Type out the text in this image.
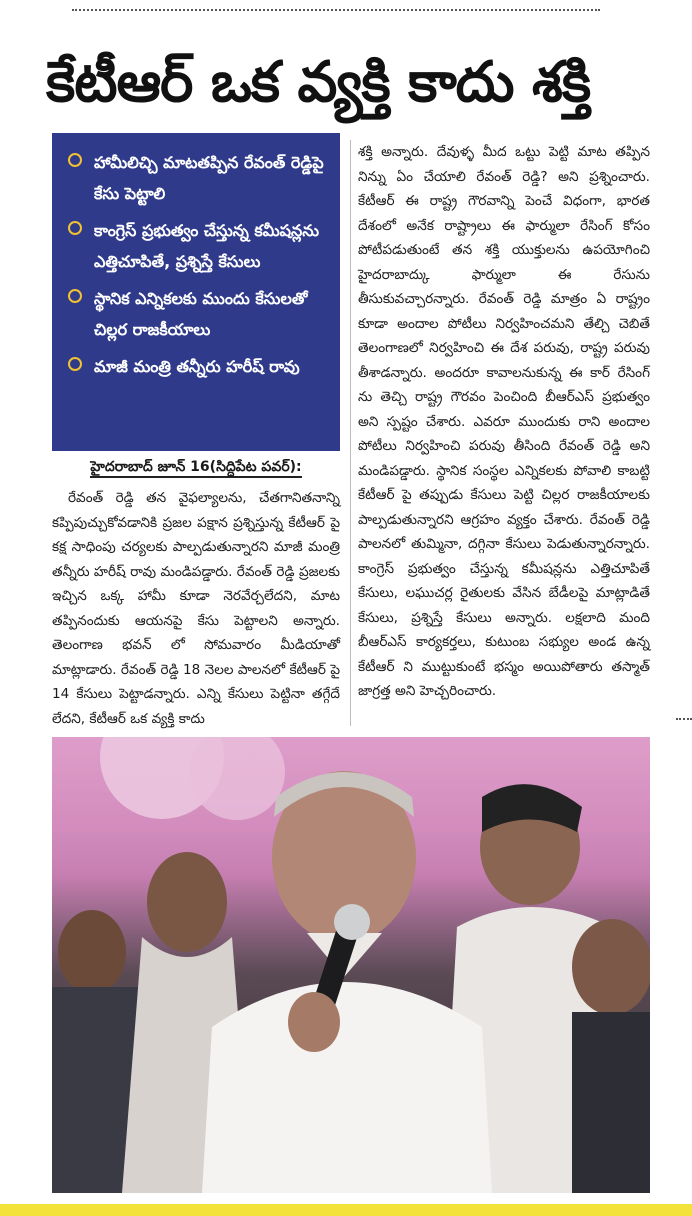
కేటీఆర్ ఒక వ్యక్తి కాదు శక్తి
హామీలిచ్చి మాటతప్పిన రేవంత్ రెడ్డిపై కేసు పెట్టాలి
కాంగ్రెస్ ప్రభుత్వం చేస్తున్న కమీషన్లను ఎత్తిచూపితే, ప్రశ్నిస్తే కేసులు
స్థానిక ఎన్నికలకు ముందు కేసులతో చిల్లర రాజకీయాలు
మాజీ మంత్రి తన్నీరు హరీష్ రావు
హైదరాబాద్ జూన్ 16(సిద్దిపేట పవర్):
రేవంత్ రెడ్డి తన వైఫల్యాలను, చేతగానితనాన్ని కప్పిపుచ్చుకోవడానికి ప్రజల పక్షాన ప్రశ్నిస్తున్న కేటీఆర్ పై కక్ష సాధింపు చర్యలకు పాల్పడుతున్నారని మాజీ మంత్రి తన్నీరు హరీష్ రావు మండిపడ్డారు. రేవంత్ రెడ్డి ప్రజలకు ఇచ్చిన ఒక్క హామీ కూడా నెరవేర్చలేదని, మాట తప్పినందుకు ఆయనపై కేసు పెట్టాలని అన్నారు. తెలంగాణ భవన్ లో సోమవారం మీడియాతో మాట్లాడారు. రేవంత్ రెడ్డి 18 నెలల పాలనలో కేటీఆర్ పై 14 కేసులు పెట్టాడన్నారు. ఎన్ని కేసులు పెట్టినా తగ్గేదే లేదని, కేటీఆర్ ఒక వ్యక్తి కాదు
శక్తి అన్నారు. దేవుళ్ళ మీద ఒట్టు పెట్టి మాట తప్పిన నిన్ను ఏం చేయాలి రేవంత్ రెడ్డి? అని ప్రశ్నించారు. కేటీఆర్ ఈ రాష్ట్ర గౌరవాన్ని పెంచే విధంగా, భారత దేశంలో అనేక రాష్ట్రాలు ఈ ఫార్ములా రేసింగ్ కోసం పోటీపడుతుంటే తన శక్తి యుక్తులను ఉపయోగించి హైదరాబాద్కు ఫార్ములా ఈ రేసును తీసుకువచ్చారన్నారు. రేవంత్ రెడ్డి మాత్రం ఏ రాష్ట్రం కూడా అందాల పోటీలు నిర్వహించమని తేల్చి చెబితే తెలంగాణలో నిర్వహించి ఈ దేశ పరువు, రాష్ట్ర పరువు తీశాడన్నారు. అందరూ కావాలనుకున్న ఈ కార్ రేసింగ్ ను తెచ్చి రాష్ట్ర గౌరవం పెంచింది బీఆర్ఎస్ ప్రభుత్వం అని స్పష్టం చేశారు. ఎవరూ ముందుకు రాని అందాల పోటీలు నిర్వహించి పరువు తీసింది రేవంత్ రెడ్డి అని మండిపడ్డారు. స్థానిక సంస్థల ఎన్నికలకు పోవాలి కాబట్టి కేటీఆర్ పై తప్పుడు కేసులు పెట్టి చిల్లర రాజకీయాలకు పాల్పడుతున్నారని ఆగ్రహం వ్యక్తం చేశారు. రేవంత్ రెడ్డి పాలనలో తుమ్మినా, దగ్గినా కేసులు పెడుతున్నారన్నారు. కాంగ్రెస్ ప్రభుత్వం చేస్తున్న కమీషన్లను ఎత్తిచూపితే కేసులు, లఘుచర్ల రైతులకు వేసిన బేడీలపై మాట్లాడితే కేసులు, ప్రశ్నిస్తే కేసులు అన్నారు. లక్షలాది మంది బీఆర్ఎస్ కార్యకర్తలు, కుటుంబ సభ్యుల అండ ఉన్న కేటీఆర్ ని ముట్టుకుంటే భస్మం అయిపోతారు తస్మాత్ జాగ్రత్త అని హెచ్చరించారు.
